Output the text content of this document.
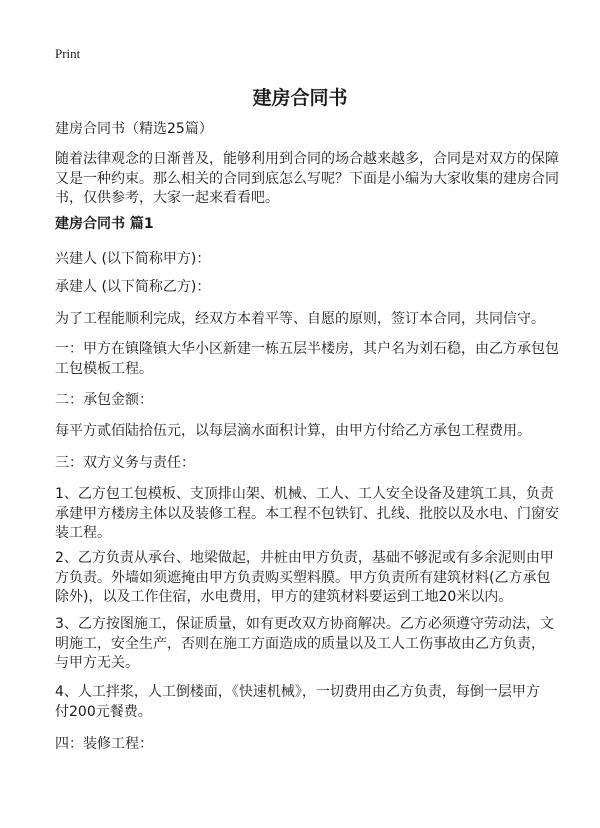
Print
建房合同书
建房合同书（精选25篇）
随着法律观念的日渐普及，能够利用到合同的场合越来越多，合同是对双方的保障
又是一种约束。那么相关的合同到底怎么写呢？下面是小编为大家收集的建房合同
书，仅供参考，大家一起来看看吧。
建房合同书 篇1
兴建人 (以下简称甲方)：
承建人 (以下简称乙方)：
为了工程能顺利完成，经双方本着平等、自愿的原则，签订本合同，共同信守。
一：甲方在镇隆镇大华小区新建一栋五层半楼房，其户名为刘石稳，由乙方承包包
工包模板工程。
二：承包金额：
每平方贰佰陆拾伍元，以每层滴水面积计算，由甲方付给乙方承包工程费用。
三：双方义务与责任：
1、乙方包工包模板、支顶排山架、机械、工人、工人安全设备及建筑工具，负责
承建甲方楼房主体以及装修工程。本工程不包铁钉、扎线、批胶以及水电、门窗安
装工程。
2、乙方负责从承台、地梁做起，井桩由甲方负责，基础不够泥或有多余泥则由甲
方负责。外墙如须遮掩由甲方负责购买塑料膜。甲方负责所有建筑材料(乙方承包
除外)，以及工作住宿，水电费用，甲方的建筑材料要运到工地20米以内。
3、乙方按图施工，保证质量，如有更改双方协商解决。乙方必须遵守劳动法，文
明施工，安全生产，否则在施工方面造成的质量以及工人工伤事故由乙方负责，
与甲方无关。
4、人工拌浆，人工倒楼面，《快速机械》，一切费用由乙方负责，每倒一层甲方
付200元餐费。
四：装修工程：
